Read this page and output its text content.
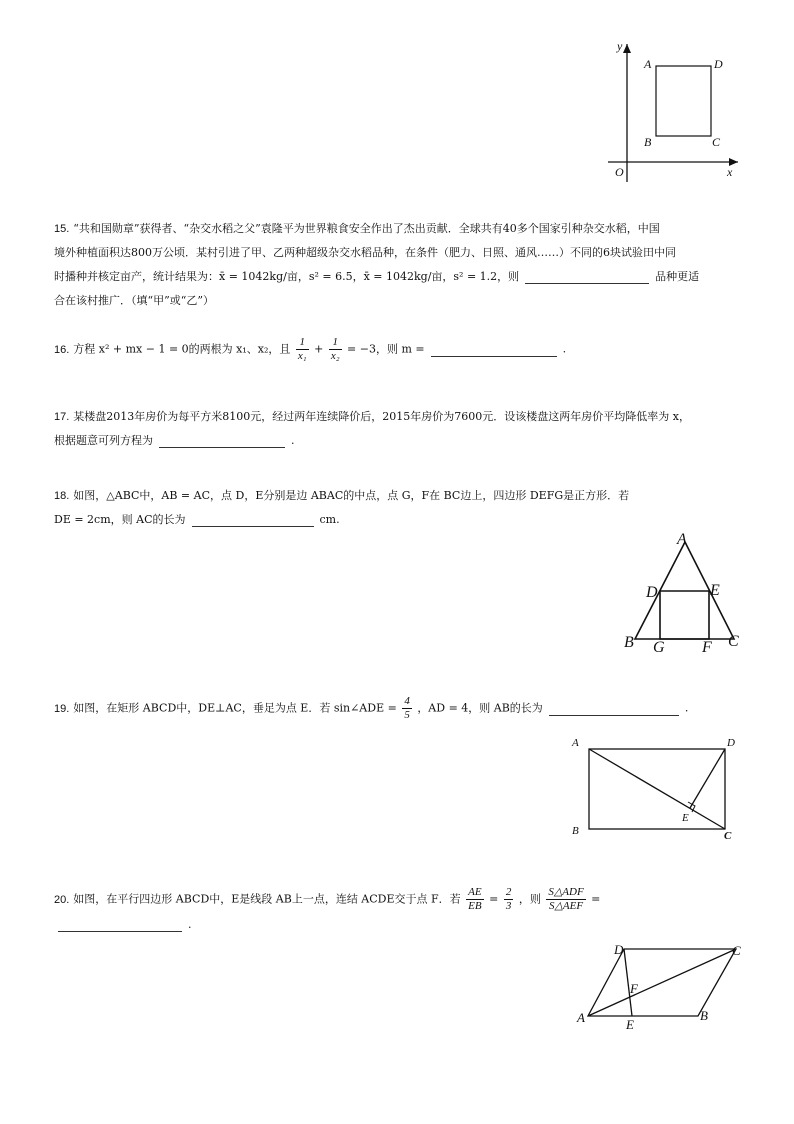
y
x
O
A	D
B	C
15. “共和国勋章”获得者、“杂交水稻之父”袁隆平为世界粮食安全作出了杰出贡献．全球共有40多个国家引种杂交水稻，中国
境外种植面积达800万公顷．某村引进了甲、乙两种超级杂交水稻品种，在条件（肥力、日照、通风……）不同的6块试验田中同
时播种并核定亩产，统计结果为：x̄ = 1042kg/亩，s² = 6.5，x̄ = 1042kg/亩，s² = 1.2，则	品种更适
合在该村推广．（填“甲”或“乙”）
16. 方程 x² + mx − 1 = 0的两根为 x₁、x₂，且 $\frac{1}{\text{x₁}} + \frac{1}{\text{x₂}} = -3$，则 m =	.
17. 某楼盘2013年房价为每平方米8100元，经过两年连续降价后，2015年房价为7600元．设该楼盘这两年房价平均降低率为 x，
根据题意可列方程为	.
18. 如图，△ABC中，AB = AC，点 D，E分别是边 ABAC的中点，点 G，F在 BC边上，四边形 DEFG是正方形．若
DE = 2cm，则 AC的长为	cm.
A
D	E
B G F C
19. 如图，在矩形 ABCD中，DE⊥AC，垂足为点 E．若 sin∠ADE = $\frac{4}{5}$ ，AD = 4，则 AB的长为	.
A	D
B	C
E
20. 如图，在平行四边形 ABCD中，E是线段 AB上一点，连结 ACDE交于点 F．若 $\frac{AE}{EB} = \frac{2}{3}$ ，则 $\frac{\text{S△ADF}}{\text{S△AEF}}$ =
.
D	C
F
A	E
B
